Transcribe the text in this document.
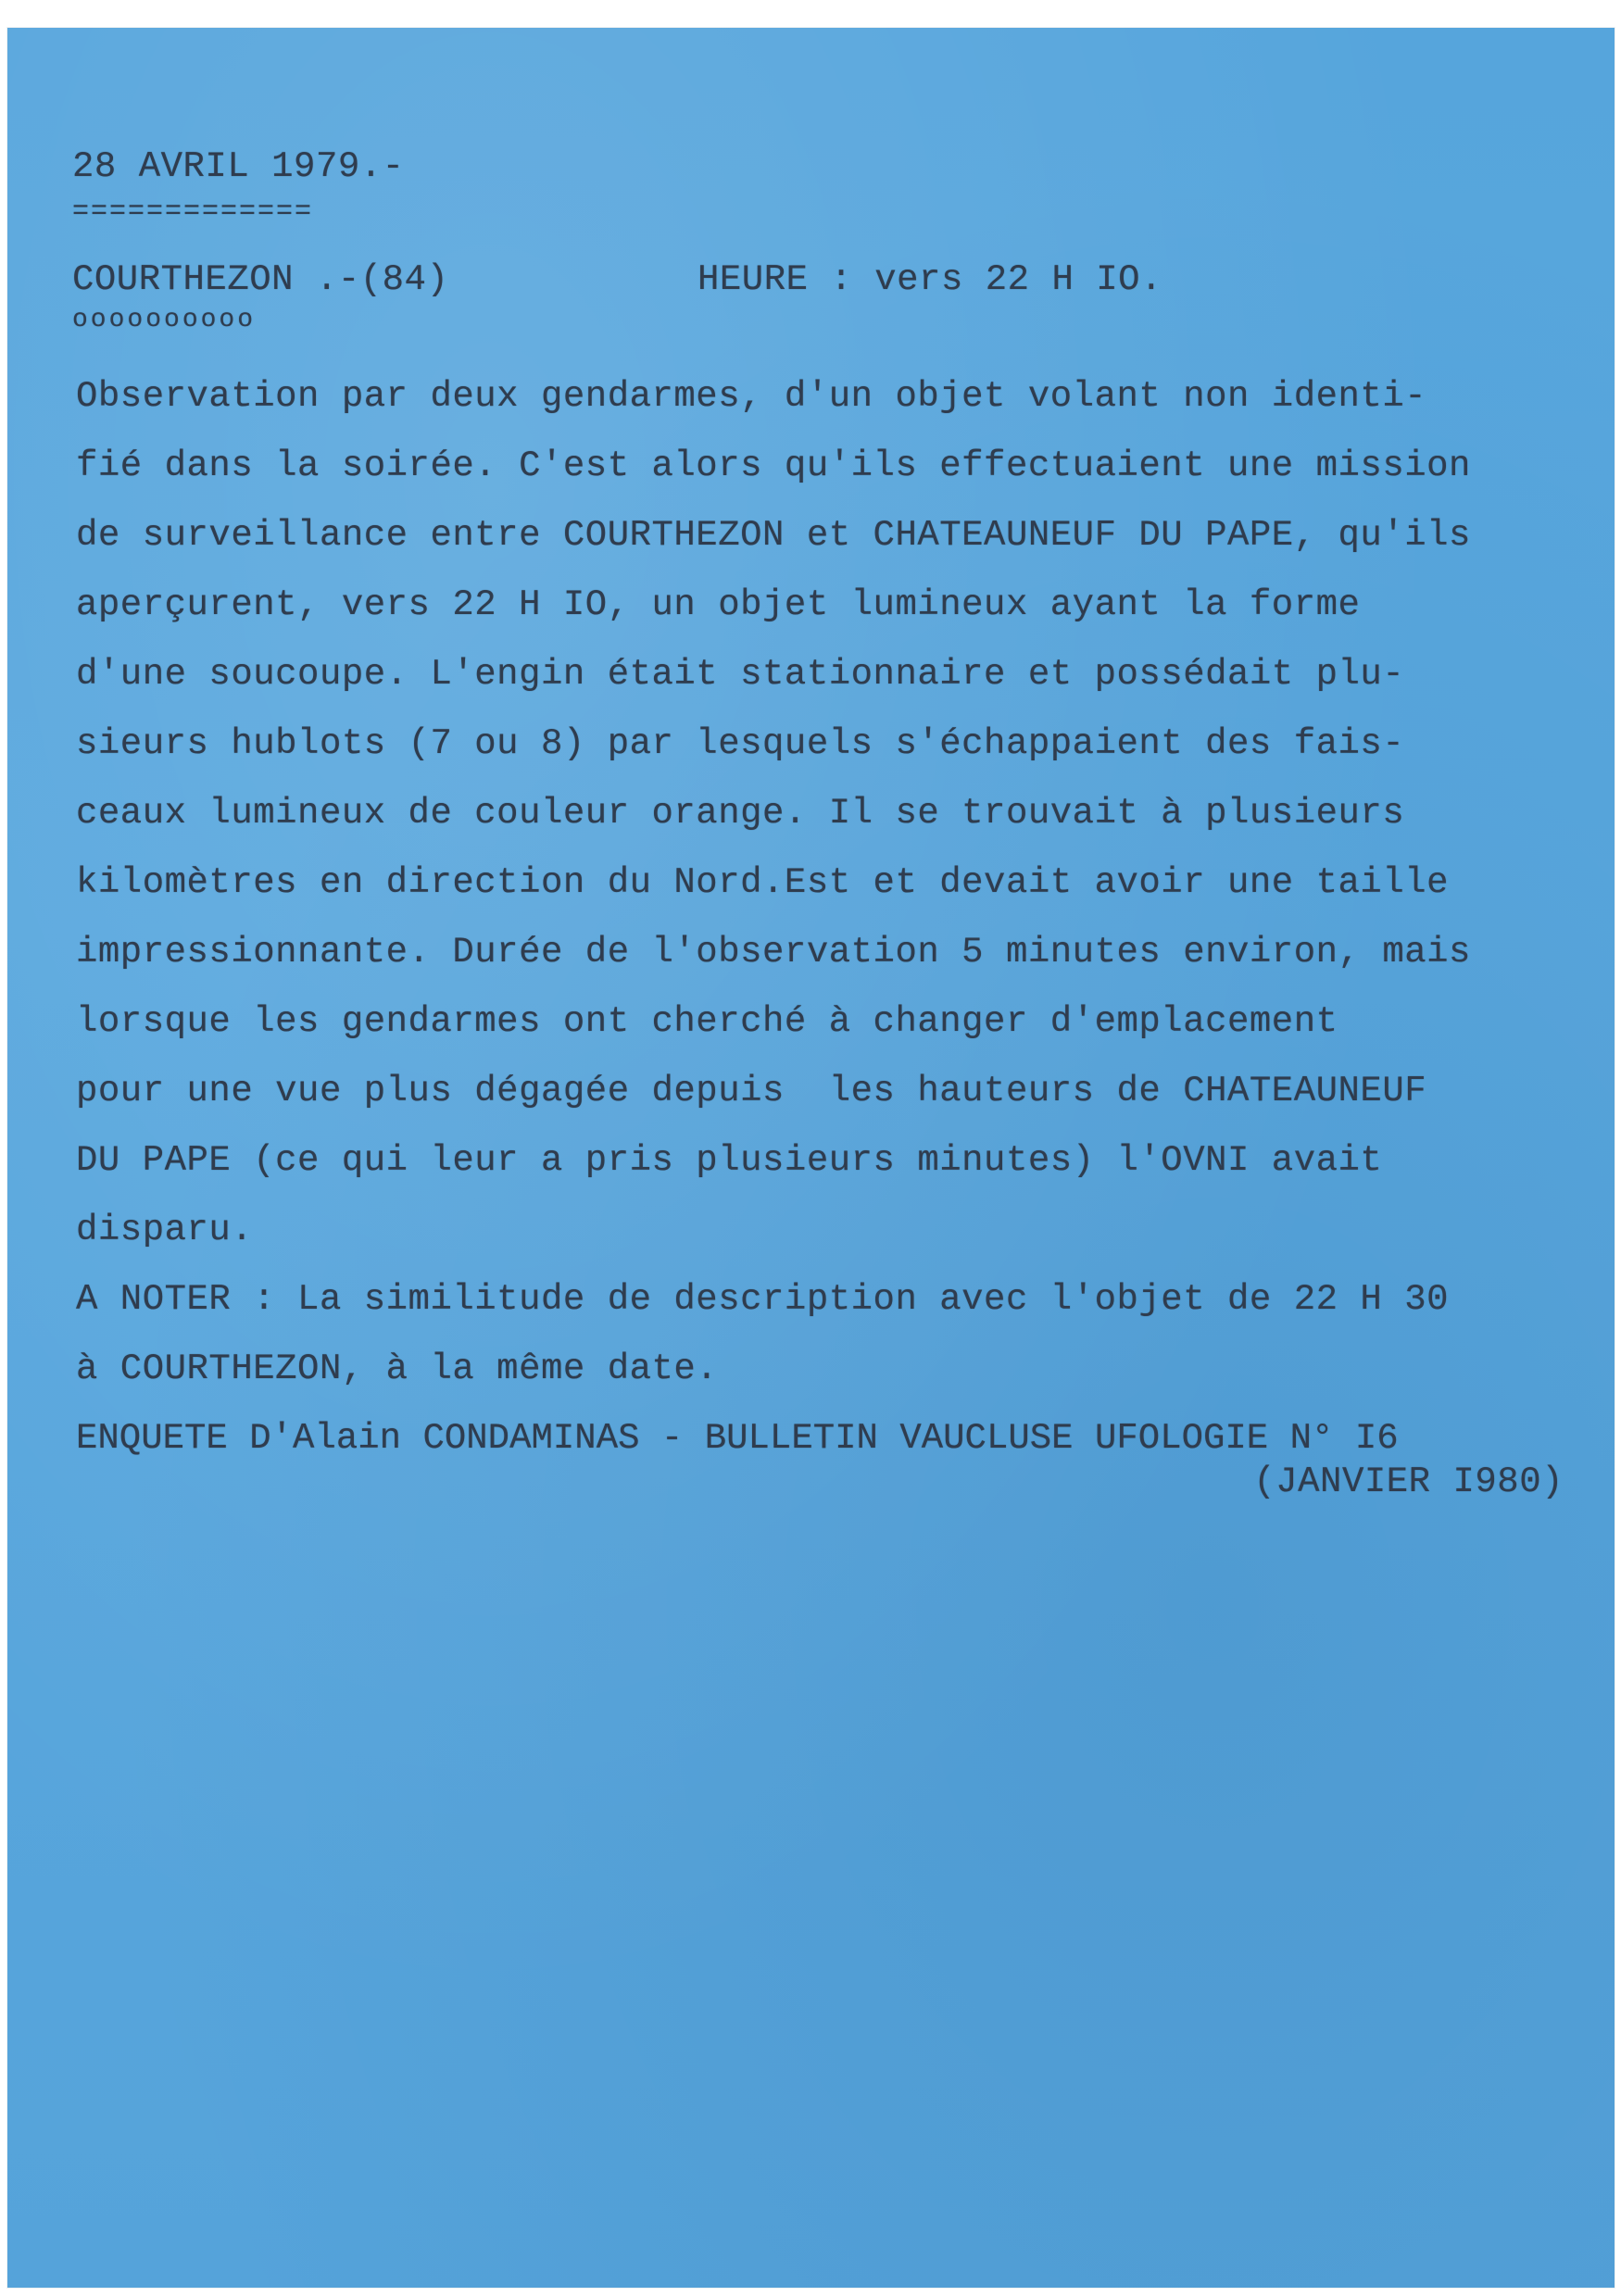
28 AVRIL 1979.-
=============
COURTHEZON .-(84)
oooooooooo
HEURE : vers 22 H IO.
Observation par deux gendarmes, d'un objet volant non identi-
fié dans la soirée. C'est alors qu'ils effectuaient une mission
de surveillance entre COURTHEZON et CHATEAUNEUF DU PAPE, qu'ils
aperçurent, vers 22 H IO, un objet lumineux ayant la forme
d'une soucoupe. L'engin était stationnaire et possédait plu-
sieurs hublots (7 ou 8) par lesquels s'échappaient des fais-
ceaux lumineux de couleur orange. Il se trouvait à plusieurs
kilomètres en direction du Nord.Est et devait avoir une taille
impressionnante. Durée de l'observation 5 minutes environ, mais
lorsque les gendarmes ont cherché à changer d'emplacement
pour une vue plus dégagée depuis  les hauteurs de CHATEAUNEUF
DU PAPE (ce qui leur a pris plusieurs minutes) l'OVNI avait
disparu.
A NOTER : La similitude de description avec l'objet de 22 H 30
à COURTHEZON, à la même date.
ENQUETE D'Alain CONDAMINAS - BULLETIN VAUCLUSE UFOLOGIE N° I6
(JANVIER I980)
